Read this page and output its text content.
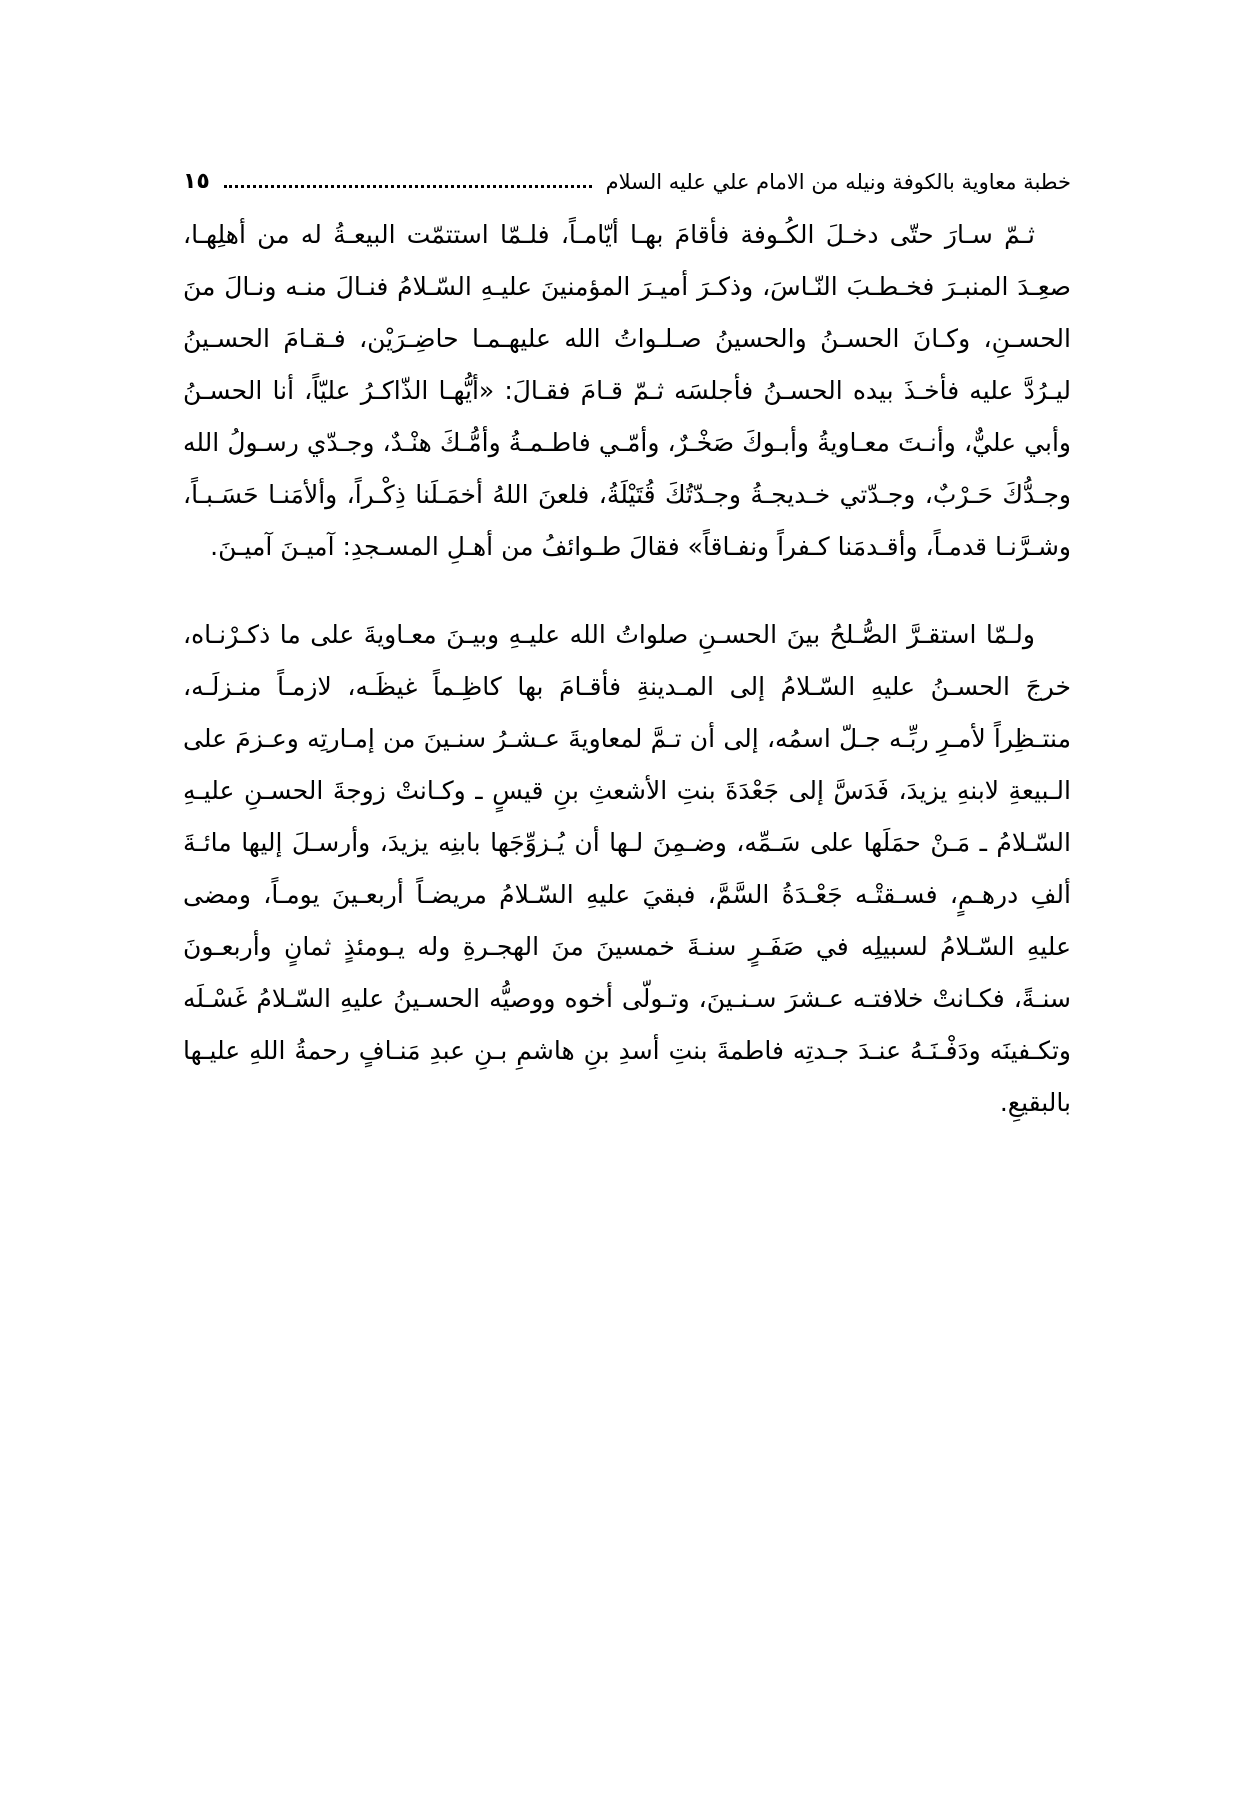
خطبة معاوية بالكوفة ونيله من الامام علي عليه السلام
١٥

ثـمّ سـارَ حتّى دخـلَ الكُـوفة فأقامَ بهـا أيّامـاً، فلـمّا استتمّت البيعـةُ له من أهلِهـا، صعِـدَ المنبـرَ فخـطـبَ النّـاسَ، وذكـرَ أميـرَ المؤمنينَ عليـهِ السّـلامُ فنـالَ منـه ونـالَ منَ الحسـنِ، وكـانَ الحسـنُ والحسينُ صـلـواتُ الله عليهـمـا حاضِـرَيْن، فـقـامَ الحسـينُ ليـرُدَّ عليه فأخـذَ بيده الحسـنُ فأجلسَه ثـمّ قـامَ فقـالَ: «أيُّهـا الذّاكـرُ عليّاً، أنا الحسـنُ وأبي عليٌّ، وأنـتَ معـاويةُ وأبـوكَ صَخْـرٌ، وأمّـي فاطـمـةُ وأمُّـكَ هنْـدٌ، وجـدّي رسـولُ الله وجـدُّكَ حَـرْبٌ، وجـدّتي خـديجـةُ وجـدّتُكَ قُتَيْلَةُ، فلعنَ اللهُ أخمَـلَنا ذِكْـراً، وألأمَنـا حَسَـبـاً، وشـرَّنـا قدمـاً، وأقـدمَنا كـفراً ونفـاقاً» فقالَ طـوائفُ من أهـلِ المسـجدِ: آميـنَ آميـنَ.

ولـمّا استقـرَّ الصُّـلحُ بينَ الحسـنِ صلواتُ الله عليـهِ وبيـنَ معـاويةَ على ما ذكـرْنـاه، خرجَ الحسـنُ عليهِ السّـلامُ إلى المـدينةِ فأقـامَ بها كاظِـماً غيظَـه، لازمـاً منـزلَـه، منتـظِراً لأمـرِ ربِّـه جـلّ اسمُه، إلى أن تـمَّ لمعاويةَ عـشـرُ سنـينَ من إمـارتِه وعـزمَ على الـبيعةِ لابنهِ يزيدَ، فَدَسَّ إلى جَعْدَةَ بنتِ الأشعثِ بنِ قيسٍ ـ وكـانتْ زوجةَ الحسـنِ عليـهِ السّـلامُ ـ مَـنْ حمَلَها على سَـمِّه، وضـمِنَ لـها أن يُـزوِّجَها بابنِه يزيدَ، وأرسـلَ إليها مائـةَ ألفِ درهـمٍ، فسـقتْـه جَعْـدَةُ السَّمَّ، فبقيَ عليهِ السّـلامُ مريضـاً أربعـينَ يومـاً، ومضى عليهِ السّـلامُ لسبيلِه في صَفَـرٍ سنـةَ خمسينَ منَ الهجـرةِ وله يـومئذٍ ثمانٍ وأربعـونَ سنـةً، فكـانتْ خلافتـه عـشرَ سـنـينَ، وتـولّى أخوه ووصيُّه الحسـينُ عليهِ السّـلامُ غَسْـلَه وتكـفينَه ودَفْـنَـهُ عنـدَ جـدتِه فاطمةَ بنتِ أسدِ بنِ هاشمِ بـنِ عبدِ مَنـافٍ رحمةُ اللهِ عليـها بالبقيعِ.
